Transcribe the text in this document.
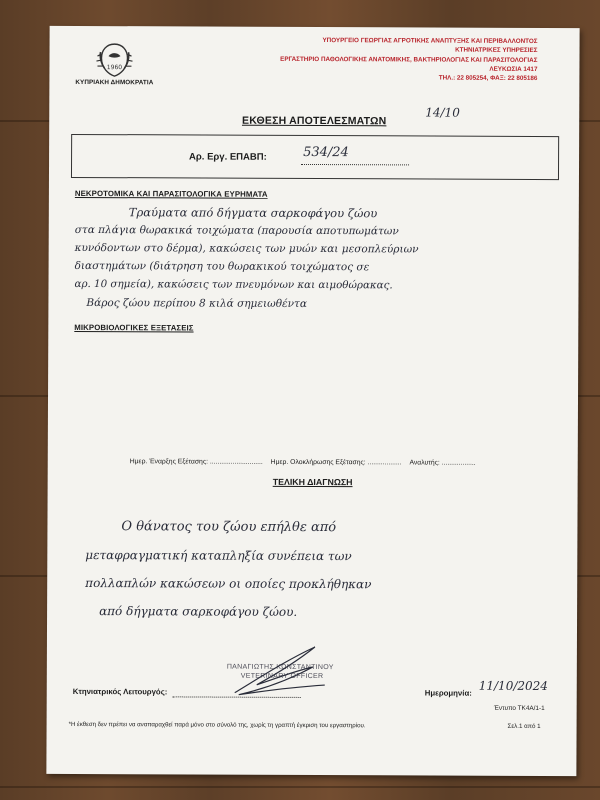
1960
ΚΥΠΡΙΑΚΗ ΔΗΜΟΚΡΑΤΙΑ
ΥΠΟΥΡΓΕΙΟ ΓΕΩΡΓΙΑΣ ΑΓΡΟΤΙΚΗΣ ΑΝΑΠΤΥΞΗΣ ΚΑΙ ΠΕΡΙΒΑΛΛΟΝΤΟΣ
ΚΤΗΝΙΑΤΡΙΚΕΣ ΥΠΗΡΕΣΙΕΣ
ΕΡΓΑΣΤΗΡΙΟ ΠΑΘΟΛΟΓΙΚΗΣ ΑΝΑΤΟΜΙΚΗΣ, ΒΑΚΤΗΡΙΟΛΟΓΙΑΣ ΚΑΙ ΠΑΡΑΣΙΤΟΛΟΓΙΑΣ
ΛΕΥΚΩΣΙΑ 1417
ΤΗΛ.: 22 805254, ΦΑΞ: 22 805186
ΕΚΘΕΣΗ ΑΠΟΤΕΛΕΣΜΑΤΩΝ
14/10
Αρ. Εργ. ΕΠΑΒΠ:	534/24
ΝΕΚΡΟΤΟΜΙΚΑ ΚΑΙ ΠΑΡΑΣΙΤΟΛΟΓΙΚΑ ΕΥΡΗΜΑΤΑ
Τραύματα από δήγματα σαρκοφάγου ζώου
στα πλάγια θωρακικά τοιχώματα (παρουσία αποτυπωμάτων
κυνόδοντων στο δέρμα), κακώσεις των μυών και μεσοπλεύριων
διαστημάτων (διάτρηση του θωρακικού τοιχώματος σε
αρ. 10 σημεία), κακώσεις των πνευμόνων και αιμοθώρακας.
Βάρος ζώου περίπου 8 κιλά σημειωθέντα
ΜΙΚΡΟΒΙΟΛΟΓΙΚΕΣ ΕΞΕΤΑΣΕΙΣ
Ημερ. Έναρξης Εξέτασης: ............................ Ημερ. Ολοκλήρωσης Εξέτασης: .................. Αναλυτής: ..................
ΤΕΛΙΚΗ ΔΙΑΓΝΩΣΗ
Ο θάνατος του ζώου επήλθε από
μεταφραγματική καταπληξία συνέπεια των
πολλαπλών κακώσεων οι οποίες προκλήθηκαν
από δήγματα σαρκοφάγου ζώου.
ΠΑΝΑΓΙΩΤΗΣ ΚΩΝΣΤΑΝΤΙΝΟΥ
VETERINARY OFFICER
Κτηνιατρικός Λειτουργός:	Ημερομηνία:
11/10/2024
Έντυπο ΤΚ4Α/1-1
*Η έκθεση δεν πρέπει να αναπαραχθεί παρά μόνο στο σύνολό της, χωρίς τη γραπτή έγκριση του εργαστηρίου.	Σελ.1 από 1
